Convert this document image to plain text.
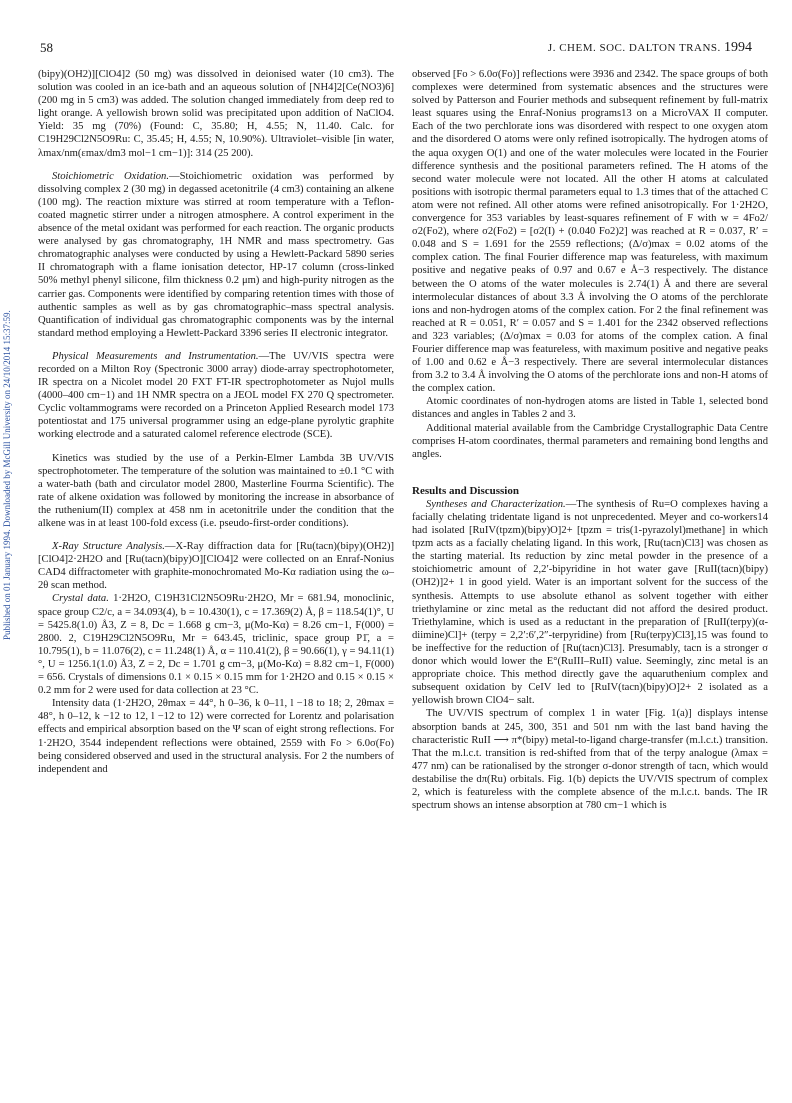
58	J. CHEM. SOC. DALTON TRANS. 1994
Published on 01 January 1994. Downloaded by McGill University on 24/10/2014 15:37:59.

(bipy)(OH2)][ClO4]2 (50 mg) was dissolved in deionised water (10 cm3). The solution was cooled in an ice-bath and an aqueous solution of [NH4]2[Ce(NO3)6] (200 mg in 5 cm3) was added. The solution changed immediately from deep red to light orange. A yellowish brown solid was precipitated upon addition of NaClO4. Yield: 35 mg (70%) (Found: C, 35.80; H, 4.55; N, 11.40. Calc. for C19H29Cl2N5O9Ru: C, 35.45; H, 4.55; N, 10.90%). Ultraviolet–visible [in water, λmax/nm(εmax/dm3 mol−1 cm−1)]: 314 (25 200).

Stoichiometric Oxidation.—Stoichiometric oxidation was performed by dissolving complex 2 (30 mg) in degassed acetonitrile (4 cm3) containing an alkene (100 mg). The reaction mixture was stirred at room temperature with a Teflon-coated magnetic stirrer under a nitrogen atmosphere. A control experiment in the absence of the metal oxidant was performed for each reaction. The organic products were analysed by gas chromatography, 1H NMR and mass spectrometry. Gas chromatographic analyses were conducted by using a Hewlett-Packard 5890 series II chromatograph with a flame ionisation detector, HP-17 column (cross-linked 50% methyl phenyl silicone, film thickness 0.2 μm) and high-purity nitrogen as the carrier gas. Components were identified by comparing retention times with those of authentic samples as well as by gas chromatographic–mass spectral analysis. Quantification of individual gas chromatographic components was by the internal standard method employing a Hewlett-Packard 3396 series II electronic integrator.

Physical Measurements and Instrumentation.—The UV/VIS spectra were recorded on a Milton Roy (Spectronic 3000 array) diode-array spectrophotometer, IR spectra on a Nicolet model 20 FXT FT-IR spectrophotometer as Nujol mulls (4000–400 cm−1) and 1H NMR spectra on a JEOL model FX 270 Q spectrometer. Cyclic voltammograms were recorded on a Princeton Applied Research model 173 potentiostat and 175 universal programmer using an edge-plane pyrolytic graphite working electrode and a saturated calomel reference electrode (SCE).

Kinetics was studied by the use of a Perkin-Elmer Lambda 3B UV/VIS spectrophotometer. The temperature of the solution was maintained to ±0.1 °C with a water-bath (bath and circulator model 2800, Masterline Fourma Scientific). The rate of alkene oxidation was followed by monitoring the increase in absorbance of the ruthenium(II) complex at 458 nm in acetonitrile under the condition that the alkene was in at least 100-fold excess (i.e. pseudo-first-order conditions).

X-Ray Structure Analysis.—X-Ray diffraction data for [Ru(tacn)(bipy)(OH2)][ClO4]2·2H2O and [Ru(tacn)(bipy)O][ClO4]2 were collected on an Enraf-Nonius CAD4 diffractometer with graphite-monochromated Mo-Kα radiation using the ω–2θ scan method.

Crystal data. 1·2H2O, C19H31Cl2N5O9Ru·2H2O, Mr = 681.94, monoclinic, space group C2/c, a = 34.093(4), b = 10.430(1), c = 17.369(2) Å, β = 118.54(1)°, U = 5425.8(1.0) Å3, Z = 8, Dc = 1.668 g cm−3, μ(Mo-Kα) = 8.26 cm−1, F(000) = 2800. 2, C19H29Cl2N5O9Ru, Mr = 643.45, triclinic, space group P1̄, a = 10.795(1), b = 11.076(2), c = 11.248(1) Å, α = 110.41(2), β = 90.66(1), γ = 94.11(1)°, U = 1256.1(1.0) Å3, Z = 2, Dc = 1.701 g cm−3, μ(Mo-Kα) = 8.82 cm−1, F(000) = 656. Crystals of dimensions 0.1 × 0.15 × 0.15 mm for 1·2H2O and 0.15 × 0.15 × 0.2 mm for 2 were used for data collection at 23 °C.

Intensity data (1·2H2O, 2θmax = 44°, h 0–36, k 0–11, l −18 to 18; 2, 2θmax = 48°, h 0–12, k −12 to 12, l −12 to 12) were corrected for Lorentz and polarisation effects and empirical absorption based on the Ψ scan of eight strong reflections. For 1·2H2O, 3544 independent reflections were obtained, 2559 with Fo > 6.0σ(Fo) being considered observed and used in the structural analysis. For 2 the numbers of independent and

observed [Fo > 6.0σ(Fo)] reflections were 3936 and 2342. The space groups of both complexes were determined from systematic absences and the structures were solved by Patterson and Fourier methods and subsequent refinement by full-matrix least squares using the Enraf-Nonius programs13 on a MicroVAX II computer. Each of the two perchlorate ions was disordered with respect to one oxygen atom and the disordered O atoms were only refined isotropically. The hydrogen atoms of the aqua oxygen O(1) and one of the water molecules were located in the Fourier difference synthesis and the positional parameters refined. The H atoms of the second water molecule were not located. All the other H atoms at calculated positions with isotropic thermal parameters equal to 1.3 times that of the attached C atom were not refined. All other atoms were refined anisotropically. For 1·2H2O, convergence for 353 variables by least-squares refinement of F with w = 4Fo2/σ2(Fo2), where σ2(Fo2) = [σ2(I) + (0.040 Fo2)2] was reached at R = 0.037, R′ = 0.048 and S = 1.691 for the 2559 reflections; (Δ/σ)max = 0.02 atoms of the complex cation. The final Fourier difference map was featureless, with maximum positive and negative peaks of 0.97 and 0.67 e Å−3 respectively. The distance between the O atoms of the water molecules is 2.74(1) Å and there are several intermolecular distances of about 3.3 Å involving the O atoms of the perchlorate ions and non-hydrogen atoms of the complex cation. For 2 the final refinement was reached at R = 0.051, R′ = 0.057 and S = 1.401 for the 2342 observed reflections and 323 variables; (Δ/σ)max = 0.03 for atoms of the complex cation. A final Fourier difference map was featureless, with maximum positive and negative peaks of 1.00 and 0.62 e Å−3 respectively. There are several intermolecular distances from 3.2 to 3.4 Å involving the O atoms of the perchlorate ions and non-H atoms of the complex cation.

Atomic coordinates of non-hydrogen atoms are listed in Table 1, selected bond distances and angles in Tables 2 and 3.

Additional material available from the Cambridge Crystallographic Data Centre comprises H-atom coordinates, thermal parameters and remaining bond lengths and angles.

Results and Discussion

Syntheses and Characterization.—The synthesis of Ru=O complexes having a facially chelating tridentate ligand is not unprecedented. Meyer and co-workers14 had isolated [RuIV(tpzm)(bipy)O]2+ [tpzm = tris(1-pyrazolyl)methane] in which tpzm acts as a facially chelating ligand. In this work, [Ru(tacn)Cl3] was chosen as the starting material. Its reduction by zinc metal powder in the presence of a stoichiometric amount of 2,2′-bipyridine in hot water gave [RuII(tacn)(bipy)(OH2)]2+ 1 in good yield. Water is an important solvent for the success of the synthesis. Attempts to use absolute ethanol as solvent together with either triethylamine or zinc metal as the reductant did not afford the desired product. Triethylamine, which is used as a reductant in the preparation of [RuII(terpy)(α-diimine)Cl]+ (terpy = 2,2′:6′,2″-terpyridine) from [Ru(terpy)Cl3],15 was found to be ineffective for the reduction of [Ru(tacn)Cl3]. Presumably, tacn is a stronger σ donor which would lower the E°(RuIII–RuII) value. Seemingly, zinc metal is an appropriate choice. This method directly gave the aquaruthenium complex and subsequent oxidation by CeIV led to [RuIV(tacn)(bipy)O]2+ 2 isolated as a yellowish brown ClO4− salt.

The UV/VIS spectrum of complex 1 in water [Fig. 1(a)] displays intense absorption bands at 245, 300, 351 and 501 nm with the last band having the characteristic RuII ⟶ π*(bipy) metal-to-ligand charge-transfer (m.l.c.t.) transition. That the m.l.c.t. transition is red-shifted from that of the terpy analogue (λmax = 477 nm) can be rationalised by the stronger σ-donor strength of tacn, which would destabilise the dπ(Ru) orbitals. Fig. 1(b) depicts the UV/VIS spectrum of complex 2, which is featureless with the complete absence of the m.l.c.t. bands. The IR spectrum shows an intense absorption at 780 cm−1 which is
